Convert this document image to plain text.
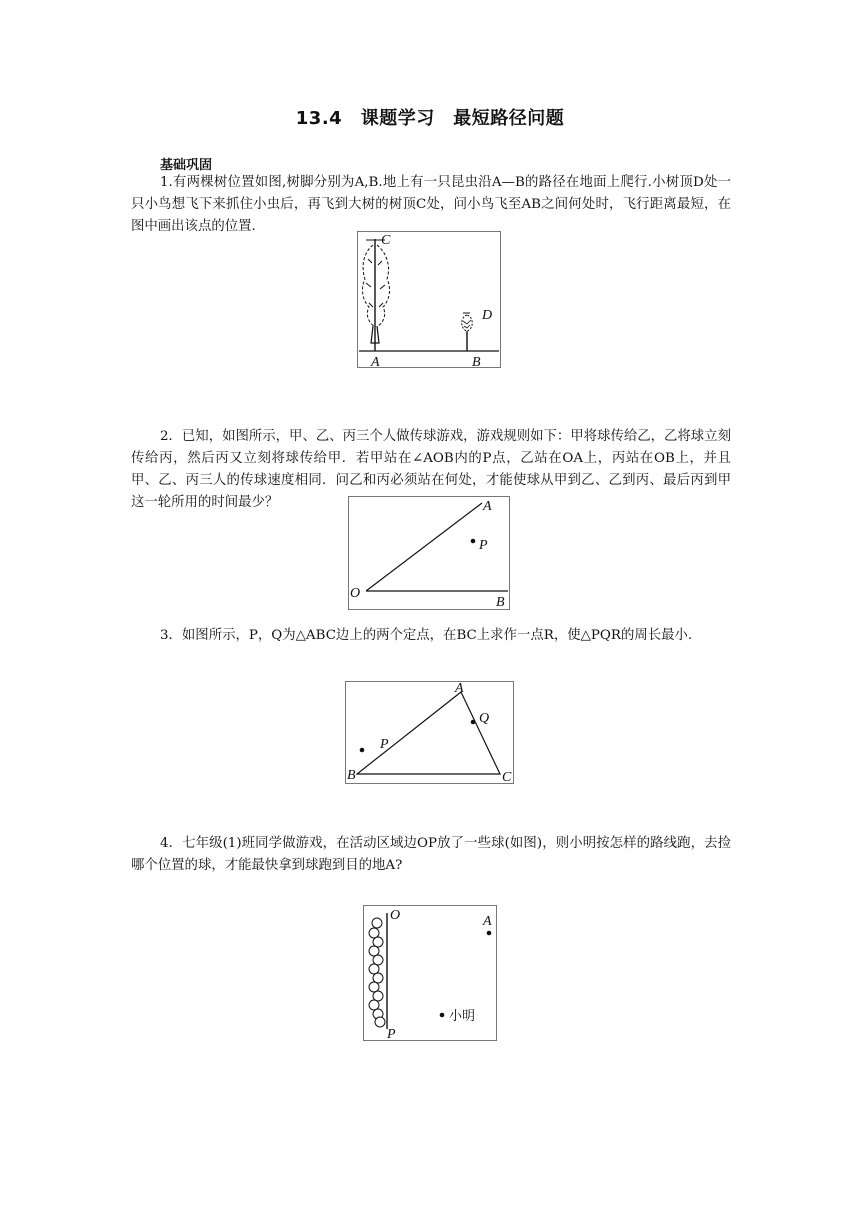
13.4　课题学习　最短路径问题
基础巩固

1.有两棵树位置如图,树脚分别为A,B.地上有一只昆虫沿A—B的路径在地面上爬行.小树顶D处一只小鸟想飞下来抓住小虫后，再飞到大树的树顶C处，问小鸟飞至AB之间何处时，飞行距离最短，在图中画出该点的位置.

C
D
A	B

2．已知，如图所示，甲、乙、丙三个人做传球游戏，游戏规则如下：甲将球传给乙，乙将球立刻传给丙，然后丙又立刻将球传给甲．若甲站在∠AOB内的P点，乙站在OA上，丙站在OB上，并且甲、乙、丙三人的传球速度相同．问乙和丙必须站在何处，才能使球从甲到乙、乙到丙、最后丙到甲这一轮所用的时间最少？	A
P
O
B

3．如图所示，P，Q为△ABC边上的两个定点，在BC上求作一点R，使△PQR的周长最小.

A
Q
P
B	C

4．七年级(1)班同学做游戏，在活动区域边OP放了一些球(如图)，则小明按怎样的路线跑，去捡哪个位置的球，才能最快拿到球跑到目的地A?

O	A
P
小明
